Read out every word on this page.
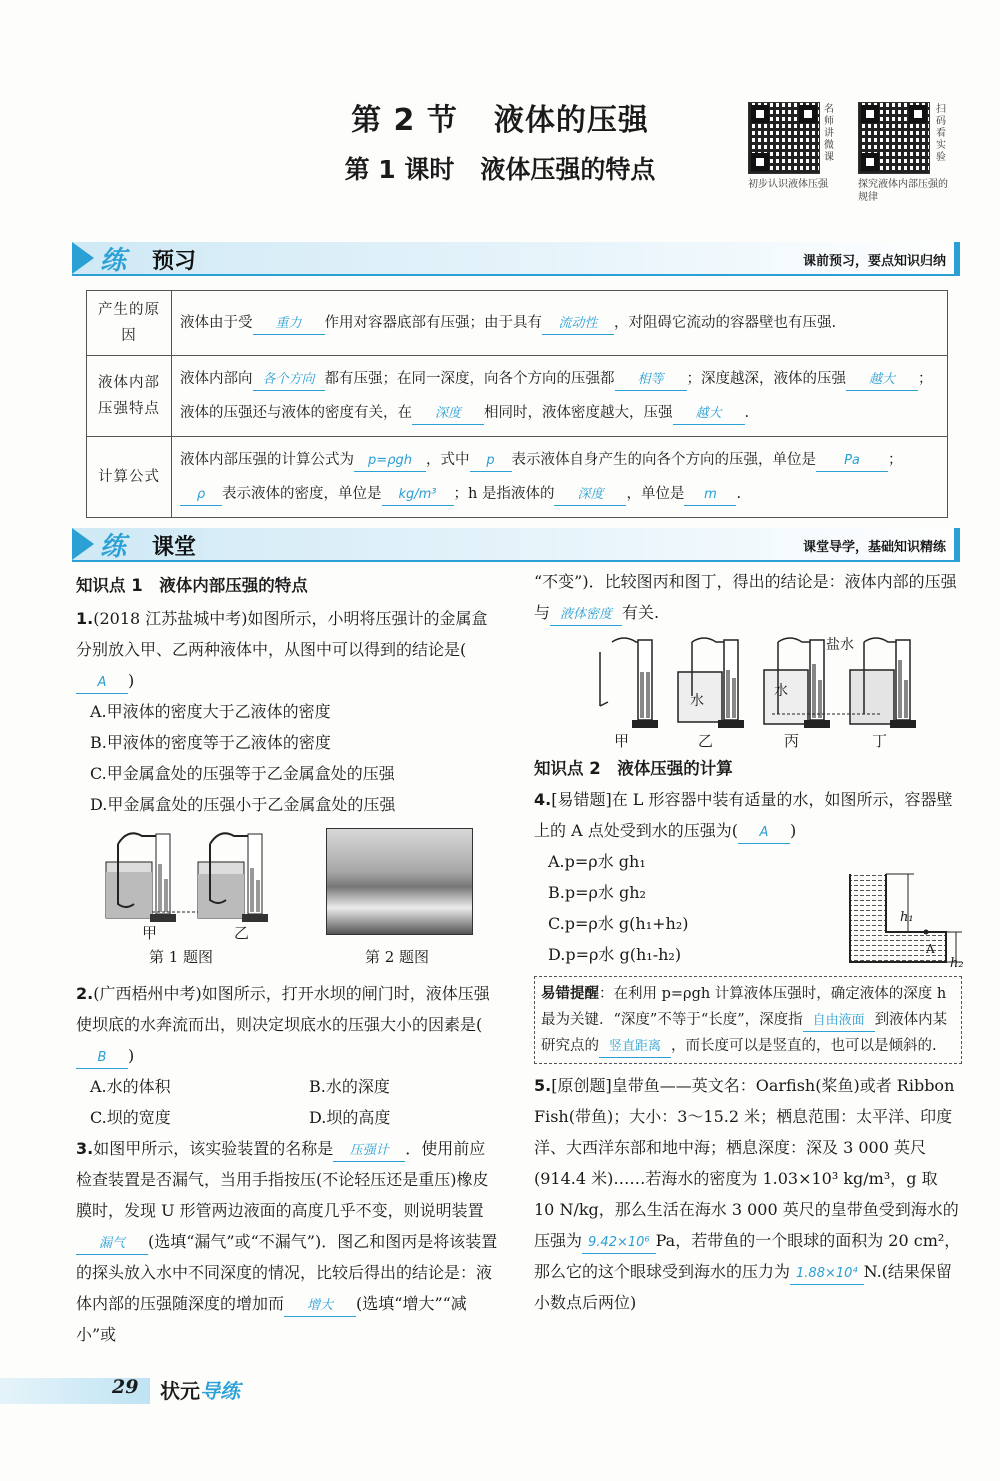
第 2 节 液体的压强
第 1 课时 液体压强的特点
名师讲微课
初步认识液体压强
扫码看实验
探究液体内部压强的规律
练 预习	课前预习，要点知识归纳
产生的原因	液体由于受 重力 作用对容器底部有压强；由于具有 流动性 ，对阻碍它流动的容器壁也有压强.
液体内部压强特点	液体内部向 各个方向 都有压强；在同一深度，向各个方向的压强都 相等 ；深度越深，液体的压强 越大 ；液体的压强还与液体的密度有关，在 深度 相同时，液体密度越大，压强 越大 .
计算公式	液体内部压强的计算公式为 p=ρgh ，式中 p 表示液体自身产生的向各个方向的压强，单位是 Pa ；ρ 表示液体的密度，单位是 kg/m³ ；h 是指液体的 深度 ，单位是 m .
练 课堂	课堂导学，基础知识精练
知识点 1　液体内部压强的特点
1.(2018 江苏盐城中考)如图所示，小明将压强计的金属盒分别放入甲、乙两种液体中，从图中可以得到的结论是(A )
A.甲液体的密度大于乙液体的密度
B.甲液体的密度等于乙液体的密度
C.甲金属盒处的压强等于乙金属盒处的压强
D.甲金属盒处的压强小于乙金属盒处的压强
甲	乙
第 1 题图	第 2 题图
2.(广西梧州中考)如图所示，打开水坝的闸门时，液体压强使坝底的水奔流而出，则决定坝底水的压强大小的因素是(B )
A.水的体积	B.水的深度
C.坝的宽度	D.坝的高度
3.如图甲所示，该实验装置的名称是 压强计 ．使用前应检查装置是否漏气，当用手指按压(不论轻压还是重压)橡皮膜时，发现 U 形管两边液面的高度几乎不变，则说明装置漏气 (选填“漏气”或“不漏气”)．图乙和图丙是将该装置的探头放入水中不同深度的情况，比较后得出的结论是：液体内部的压强随深度的增加而 增大 (选填“增大”“减小”或
“不变”)．比较图丙和图丁，得出的结论是：液体内部的压强与 液体密度 有关.
水
水
盐水
甲	乙	丙	丁
知识点 2　液体压强的计算
4.[易错题]在 L 形容器中装有适量的水，如图所示，容器壁上的 A 点处受到水的压强为( A )
A.p=ρ水 gh₁
B.p=ρ水 gh₂
C.p=ρ水 g(h₁+h₂)
D.p=ρ水 g(h₁-h₂)
h₁
h₂
A
易错提醒：在利用 p=ρgh 计算液体压强时，确定液体的深度 h 最为关键．“深度”不等于“长度”，深度指 自由液面 到液体内某研究点的 竖直距离 ，而长度可以是竖直的，也可以是倾斜的.
5.[原创题]皇带鱼——英文名：Oarfish(桨鱼)或者 Ribbon Fish(带鱼)；大小：3～15.2 米；栖息范围：太平洋、印度洋、大西洋东部和地中海；栖息深度：深及 3 000 英尺(914.4 米)……若海水的密度为 1.03×10³ kg/m³，g 取 10 N/kg，那么生活在海水 3 000 英尺的皇带鱼受到海水的压强为 9.42×10⁶ Pa，若带鱼的一个眼球的面积为 20 cm²，那么它的这个眼球受到海水的压力为 1.88×10⁴ N.(结果保留小数点后两位)
29 状元导练
